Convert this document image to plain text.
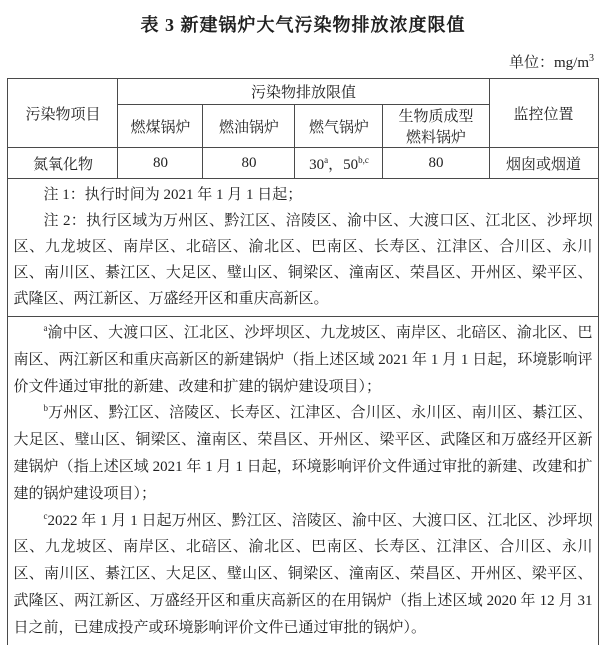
表 3 新建锅炉大气污染物排放浓度限值
单位：$mg/m^3$
污染物项目	污染物排放限值				监控位置
	燃煤锅炉	燃油锅炉	燃气锅炉	生物质成型
燃料锅炉	
氮氧化物	80	80	30$^a$，50$^{b,c}$	80	烟囱或烟道

注 1：执行时间为 2021 年 1 月 1 日起；

注 2：执行区域为万州区、黔江区、涪陵区、渝中区、大渡口区、江北区、沙坪坝区、九龙坡区、南岸区、北碚区、渝北区、巴南区、长寿区、江津区、合川区、永川区、南川区、綦江区、大足区、璧山区、铜梁区、潼南区、荣昌区、开州区、梁平区、武隆区、两江新区、万盛经开区和重庆高新区。					

$^a$渝中区、大渡口区、江北区、沙坪坝区、九龙坡区、南岸区、北碚区、渝北区、巴南区、两江新区和重庆高新区的新建锅炉（指上述区域 2021 年 1 月 1 日起，环境影响评价文件通过审批的新建、改建和扩建的锅炉建设项目）；

$^b$万州区、黔江区、涪陵区、长寿区、江津区、合川区、永川区、南川区、綦江区、大足区、璧山区、铜梁区、潼南区、荣昌区、开州区、梁平区、武隆区和万盛经开区新建锅炉（指上述区域 2021 年 1 月 1 日起，环境影响评价文件通过审批的新建、改建和扩建的锅炉建设项目）；

$^c$2022 年 1 月 1 日起万州区、黔江区、涪陵区、渝中区、大渡口区、江北区、沙坪坝区、九龙坡区、南岸区、北碚区、渝北区、巴南区、长寿区、江津区、合川区、永川区、南川区、綦江区、大足区、璧山区、铜梁区、潼南区、荣昌区、开州区、梁平区、武隆区、两江新区、万盛经开区和重庆高新区的在用锅炉（指上述区域 2020 年 12 月 31 日之前，已建成投产或环境影响评价文件已通过审批的锅炉）。					
